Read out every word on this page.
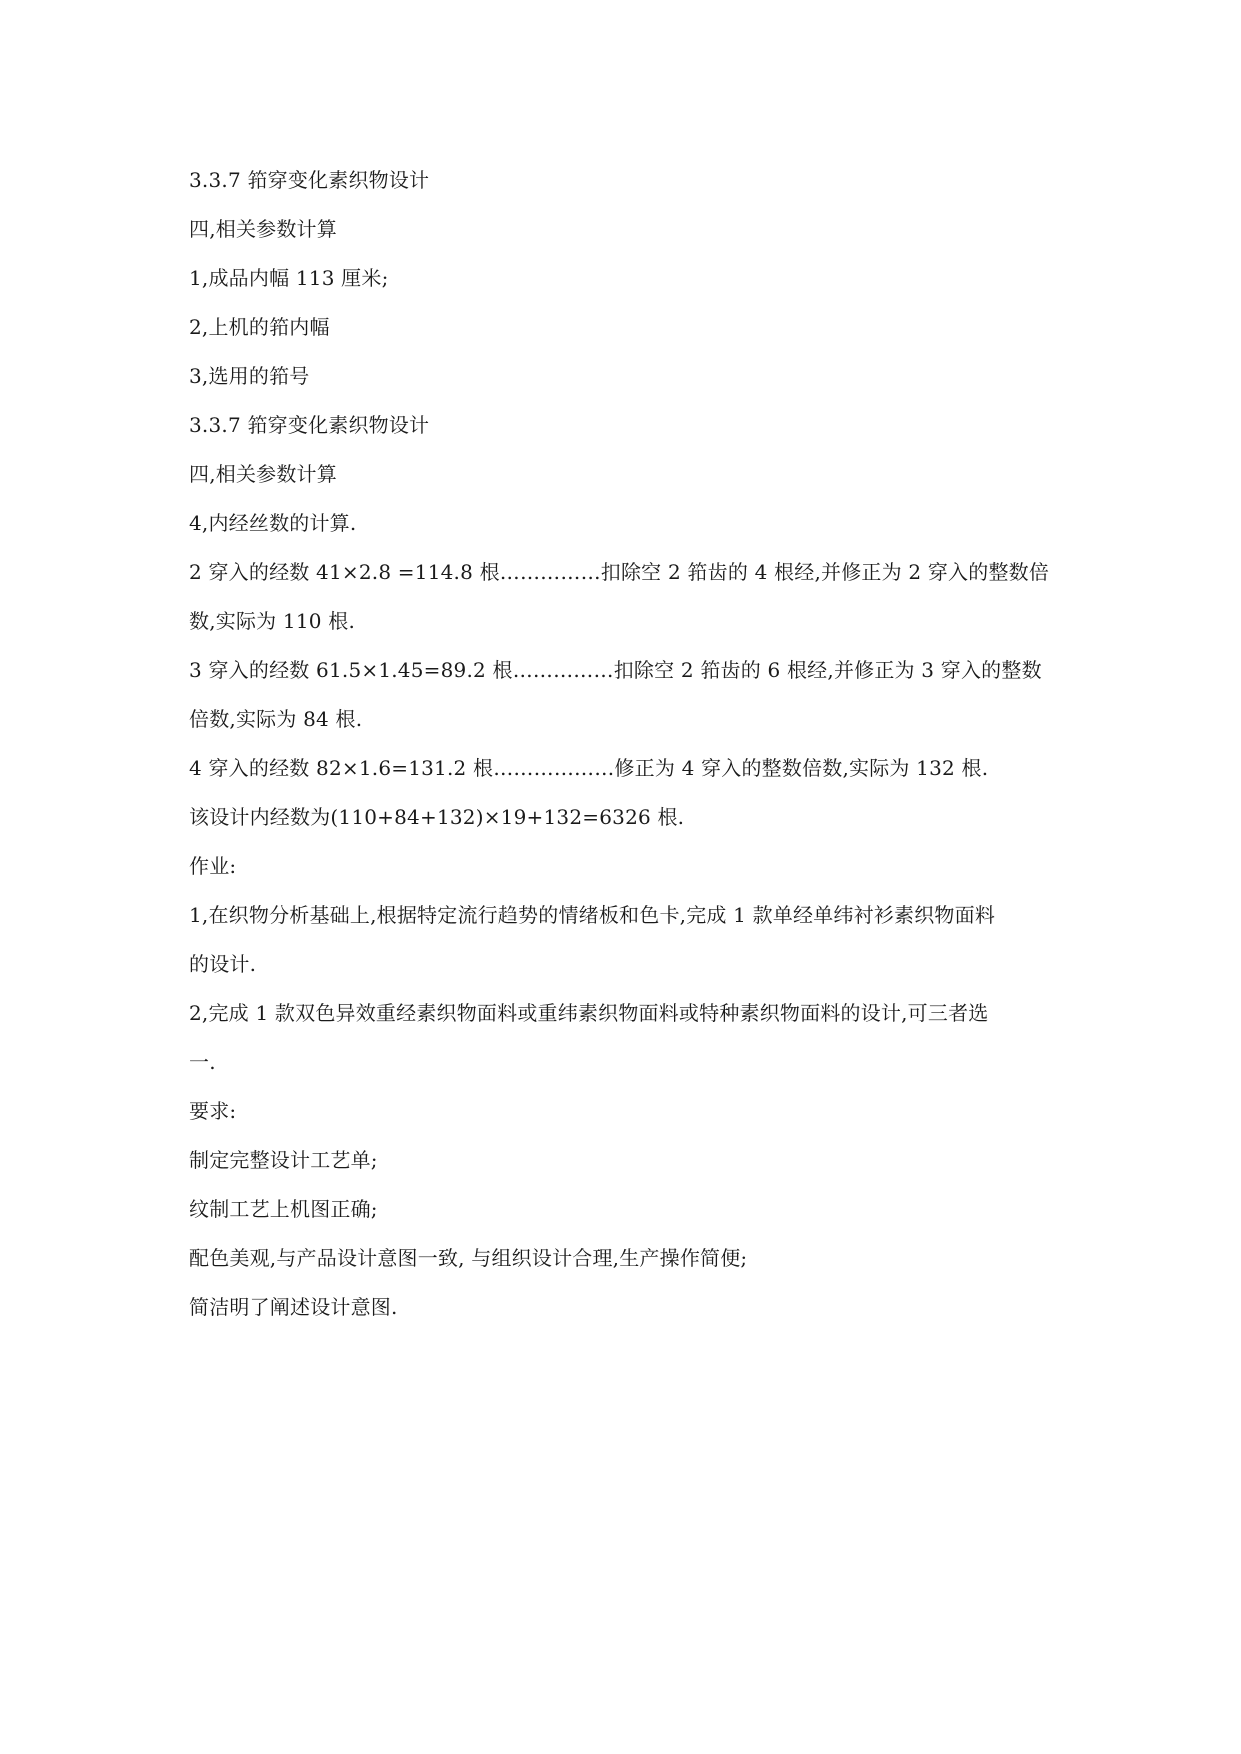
3.3.7 筘穿变化素织物设计
四,相关参数计算
1,成品内幅 113 厘米;
2,上机的筘内幅
3,选用的筘号
3.3.7 筘穿变化素织物设计
四,相关参数计算
4,内经丝数的计算.
2 穿入的经数 41×2.8 =114.8 根……………扣除空 2 筘齿的 4 根经,并修正为 2 穿入的整数倍
数,实际为 110 根.
3 穿入的经数 61.5×1.45=89.2 根……………扣除空 2 筘齿的 6 根经,并修正为 3 穿入的整数
倍数,实际为 84 根.
4 穿入的经数 82×1.6=131.2 根………………修正为 4 穿入的整数倍数,实际为 132 根.
该设计内经数为(110+84+132)×19+132=6326 根.
作业:
1,在织物分析基础上,根据特定流行趋势的情绪板和色卡,完成 1 款单经单纬衬衫素织物面料
的设计.
2,完成 1 款双色异效重经素织物面料或重纬素织物面料或特种素织物面料的设计,可三者选
一.
要求:
制定完整设计工艺单;
纹制工艺上机图正确;
配色美观,与产品设计意图一致, 与组织设计合理,生产操作简便;
简洁明了阐述设计意图.
